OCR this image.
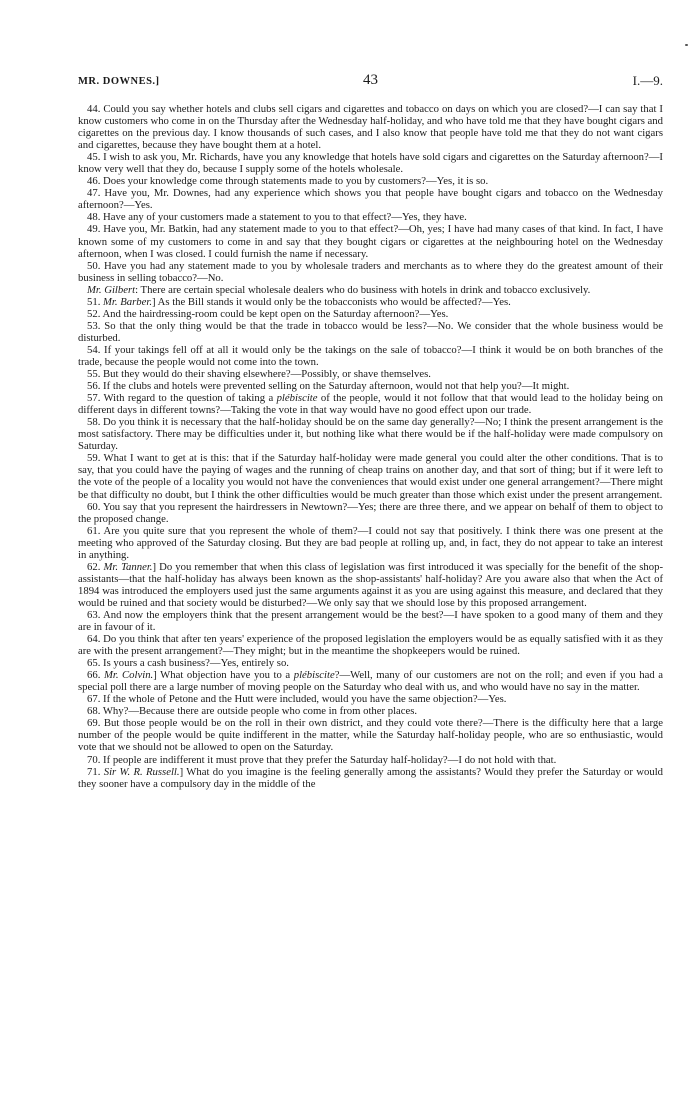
MR. DOWNES.]	43	I.—9.

44. Could you say whether hotels and clubs sell cigars and cigarettes and tobacco on days on which you are closed?—I can say that I know customers who come in on the Thursday after the Wednesday half-holiday, and who have told me that they have bought cigars and cigarettes on the previous day. I know thousands of such cases, and I also know that people have told me that they do not want cigars and cigarettes, because they have bought them at a hotel.

45. I wish to ask you, Mr. Richards, have you any knowledge that hotels have sold cigars and cigarettes on the Saturday afternoon?—I know very well that they do, because I supply some of the hotels wholesale.

46. Does your knowledge come through statements made to you by customers?—Yes, it is so.

47. Have you, Mr. Downes, had any experience which shows you that people have bought cigars and tobacco on the Wednesday afternoon?—Yes.

48. Have any of your customers made a statement to you to that effect?—Yes, they have.

49. Have you, Mr. Batkin, had any statement made to you to that effect?—Oh, yes; I have had many cases of that kind. In fact, I have known some of my customers to come in and say that they bought cigars or cigarettes at the neighbouring hotel on the Wednesday afternoon, when I was closed. I could furnish the name if necessary.

50. Have you had any statement made to you by wholesale traders and merchants as to where they do the greatest amount of their business in selling tobacco?—No.

Mr. Gilbert: There are certain special wholesale dealers who do business with hotels in drink and tobacco exclusively.

51. Mr. Barber.] As the Bill stands it would only be the tobacconists who would be affected?—Yes.

52. And the hairdressing-room could be kept open on the Saturday afternoon?—Yes.

53. So that the only thing would be that the trade in tobacco would be less?—No. We consider that the whole business would be disturbed.

54. If your takings fell off at all it would only be the takings on the sale of tobacco?—I think it would be on both branches of the trade, because the people would not come into the town.

55. But they would do their shaving elsewhere?—Possibly, or shave themselves.

56. If the clubs and hotels were prevented selling on the Saturday afternoon, would not that help you?—It might.

57. With regard to the question of taking a plébiscite of the people, would it not follow that that would lead to the holiday being on different days in different towns?—Taking the vote in that way would have no good effect upon our trade.

58. Do you think it is necessary that the half-holiday should be on the same day generally?—No; I think the present arrangement is the most satisfactory. There may be difficulties under it, but nothing like what there would be if the half-holiday were made compulsory on Saturday.

59. What I want to get at is this: that if the Saturday half-holiday were made general you could alter the other conditions. That is to say, that you could have the paying of wages and the running of cheap trains on another day, and that sort of thing; but if it were left to the vote of the people of a locality you would not have the conveniences that would exist under one general arrangement?—There might be that difficulty no doubt, but I think the other difficulties would be much greater than those which exist under the present arrangement.

60. You say that you represent the hairdressers in Newtown?—Yes; there are three there, and we appear on behalf of them to object to the proposed change.

61. Are you quite sure that you represent the whole of them?—I could not say that positively. I think there was one present at the meeting who approved of the Saturday closing. But they are bad people at rolling up, and, in fact, they do not appear to take an interest in anything.

62. Mr. Tanner.] Do you remember that when this class of legislation was first introduced it was specially for the benefit of the shop-assistants—that the half-holiday has always been known as the shop-assistants' half-holiday? Are you aware also that when the Act of 1894 was introduced the employers used just the same arguments against it as you are using against this measure, and declared that they would be ruined and that society would be disturbed?—We only say that we should lose by this proposed arrangement.

63. And now the employers think that the present arrangement would be the best?—I have spoken to a good many of them and they are in favour of it.

64. Do you think that after ten years' experience of the proposed legislation the employers would be as equally satisfied with it as they are with the present arrangement?—They might; but in the meantime the shopkeepers would be ruined.

65. Is yours a cash business?—Yes, entirely so.

66. Mr. Colvin.] What objection have you to a plébiscite?—Well, many of our customers are not on the roll; and even if you had a special poll there are a large number of moving people on the Saturday who deal with us, and who would have no say in the matter.

67. If the whole of Petone and the Hutt were included, would you have the same objection?—Yes.

68. Why?—Because there are outside people who come in from other places.

69. But those people would be on the roll in their own district, and they could vote there?—There is the difficulty here that a large number of the people would be quite indifferent in the matter, while the Saturday half-holiday people, who are so enthusiastic, would vote that we should not be allowed to open on the Saturday.

70. If people are indifferent it must prove that they prefer the Saturday half-holiday?—I do not hold with that.

71. Sir W. R. Russell.] What do you imagine is the feeling generally among the assistants? Would they prefer the Saturday or would they sooner have a compulsory day in the middle of the
